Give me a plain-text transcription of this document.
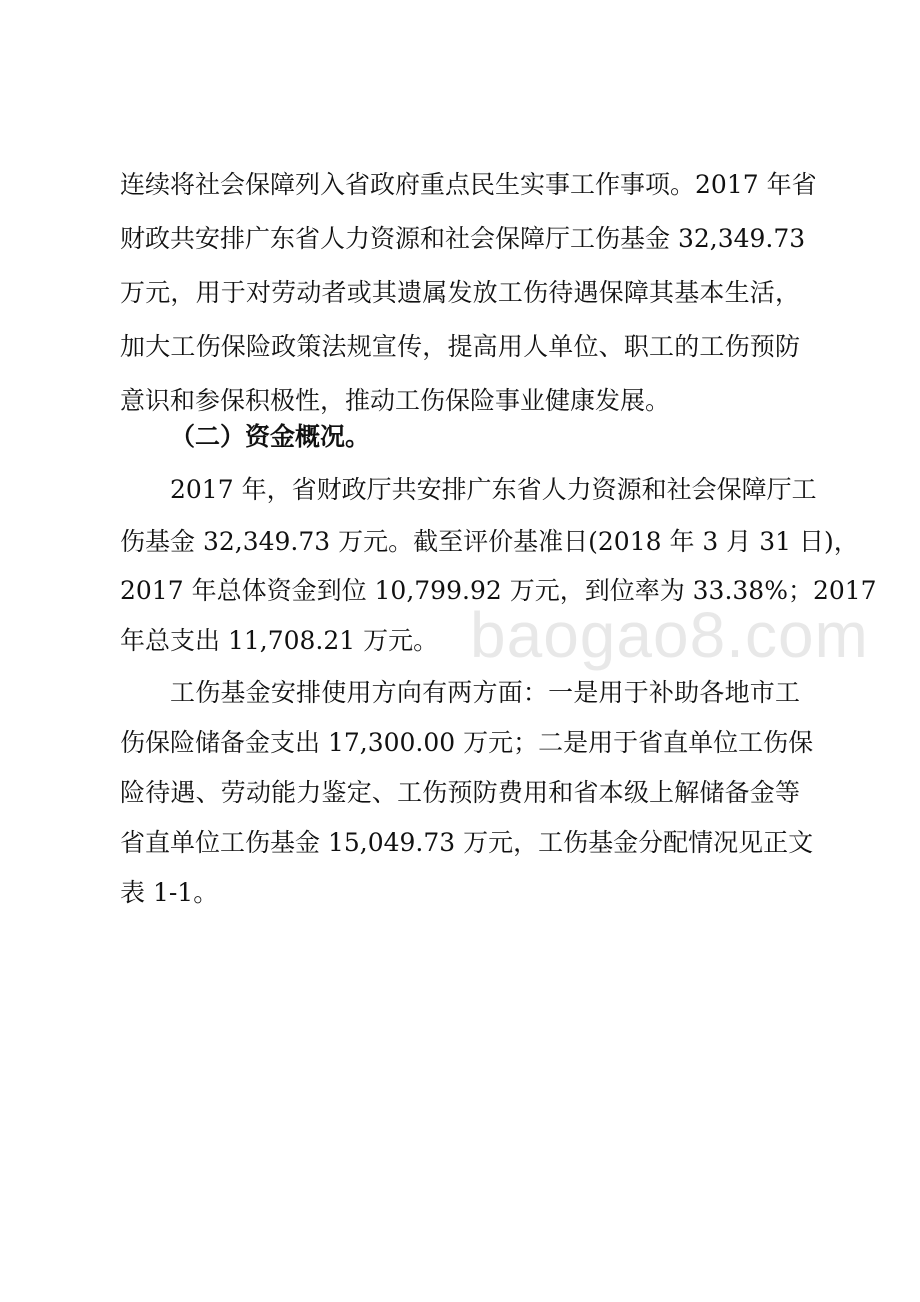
连续将社会保障列入省政府重点民生实事工作事项。2017 年省
财政共安排广东省人力资源和社会保障厅工伤基金 32,349.73
万元，用于对劳动者或其遗属发放工伤待遇保障其基本生活，
加大工伤保险政策法规宣传，提高用人单位、职工的工伤预防
意识和参保积极性，推动工伤保险事业健康发展。
（二）资金概况。
2017 年，省财政厅共安排广东省人力资源和社会保障厅工
伤基金 32,349.73 万元。截至评价基准日(2018 年 3 月 31 日)，
2017 年总体资金到位 10,799.92 万元，到位率为 33.38%；2017
年总支出 11,708.21 万元。
工伤基金安排使用方向有两方面：一是用于补助各地市工
伤保险储备金支出 17,300.00 万元；二是用于省直单位工伤保
险待遇、劳动能力鉴定、工伤预防费用和省本级上解储备金等
省直单位工伤基金 15,049.73 万元，工伤基金分配情况见正文
表 1-1。
baogao8.com
